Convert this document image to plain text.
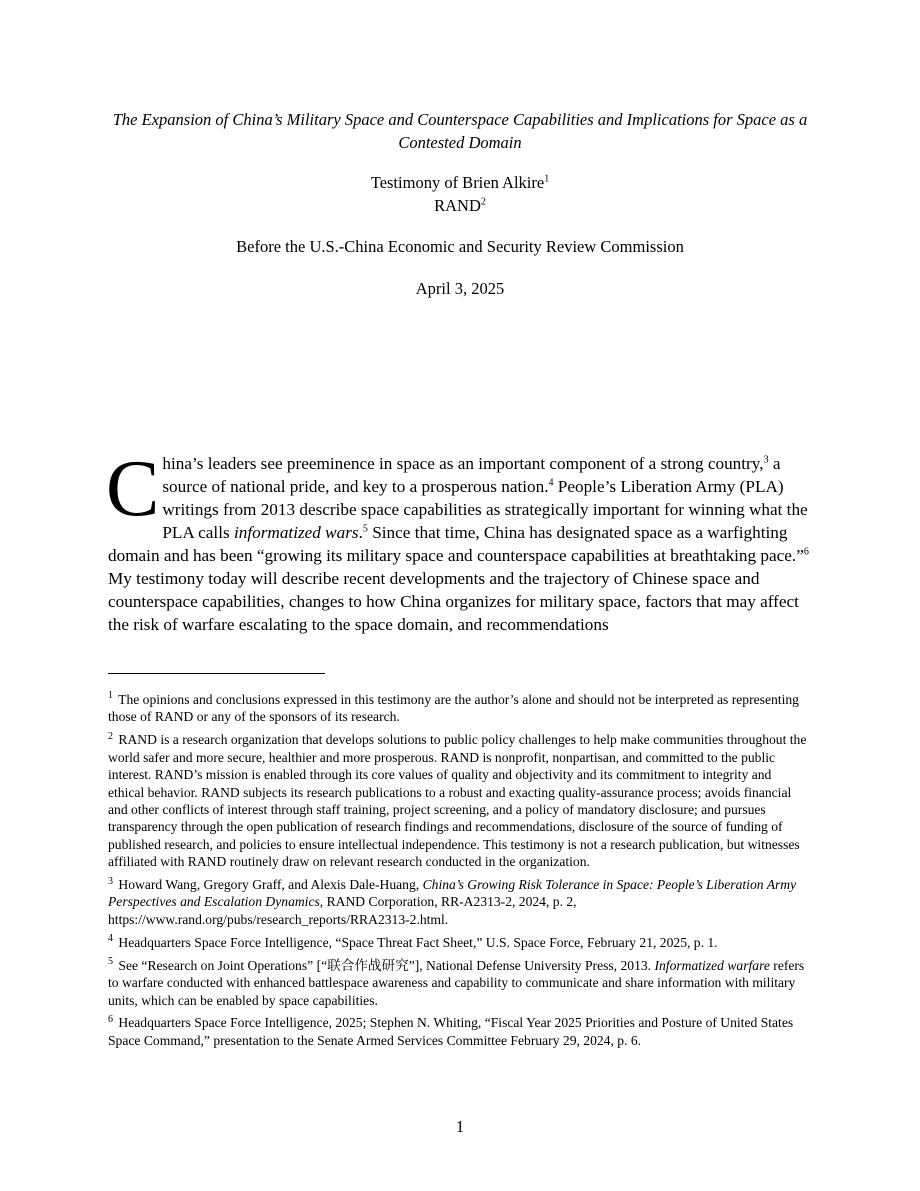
The Expansion of China’s Military Space and Counterspace Capabilities and Implications for Space as a Contested Domain

Testimony of Brien Alkire$^1$
RAND$^2$
Before the U.S.-China Economic and Security Review Commission
April 3, 2025

China’s leaders see preeminence in space as an important component of a strong country,$^3$ a source of national pride, and key to a prosperous nation.$^4$ People’s Liberation Army (PLA) writings from 2013 describe space capabilities as strategically important for winning what the PLA calls informatized wars.$^5$ Since that time, China has designated space as a warfighting domain and has been “growing its military space and counterspace capabilities at breathtaking pace.”$^6$ My testimony today will describe recent developments and the trajectory of Chinese space and counterspace capabilities, changes to how China organizes for military space, factors that may affect the risk of warfare escalating to the space domain, and recommendations

$^1$ The opinions and conclusions expressed in this testimony are the author’s alone and should not be interpreted as representing those of RAND or any of the sponsors of its research.

$^2$ RAND is a research organization that develops solutions to public policy challenges to help make communities throughout the world safer and more secure, healthier and more prosperous. RAND is nonprofit, nonpartisan, and committed to the public interest. RAND’s mission is enabled through its core values of quality and objectivity and its commitment to integrity and ethical behavior. RAND subjects its research publications to a robust and exacting quality-assurance process; avoids financial and other conflicts of interest through staff training, project screening, and a policy of mandatory disclosure; and pursues transparency through the open publication of research findings and recommendations, disclosure of the source of funding of published research, and policies to ensure intellectual independence. This testimony is not a research publication, but witnesses affiliated with RAND routinely draw on relevant research conducted in the organization.

$^3$ Howard Wang, Gregory Graff, and Alexis Dale-Huang, China’s Growing Risk Tolerance in Space: People’s Liberation Army Perspectives and Escalation Dynamics, RAND Corporation, RR-A2313-2, 2024, p. 2, https://www.rand.org/pubs/research_reports/RRA2313-2.html.

$^4$ Headquarters Space Force Intelligence, “Space Threat Fact Sheet,” U.S. Space Force, February 21, 2025, p. 1.

$^5$ See “Research on Joint Operations” [“联合作战研究”], National Defense University Press, 2013. Informatized warfare refers to warfare conducted with enhanced battlespace awareness and capability to communicate and share information with military units, which can be enabled by space capabilities.

$^6$ Headquarters Space Force Intelligence, 2025; Stephen N. Whiting, “Fiscal Year 2025 Priorities and Posture of United States Space Command,” presentation to the Senate Armed Services Committee February 29, 2024, p. 6.

1
